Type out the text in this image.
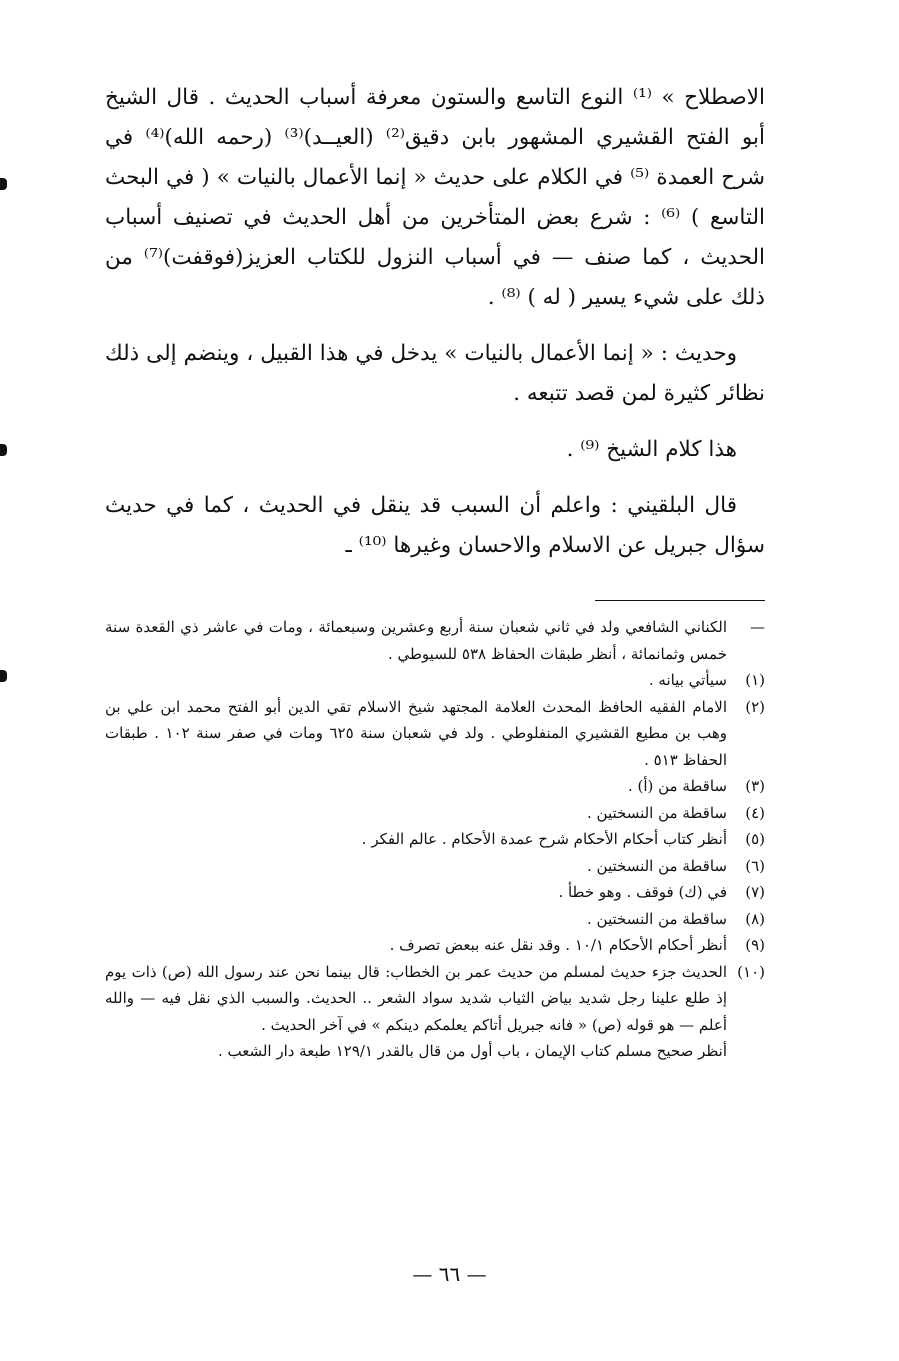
الاصطلاح » ⁽¹⁾ النوع التاسع والستون معرفة أسباب الحديث . قال الشيخ أبو الفتح القشيري المشهور بابن دقيق⁽²⁾ (العيــد)⁽³⁾ (رحمه الله)⁽⁴⁾ في شرح العمدة ⁽⁵⁾ في الكلام على حديث « إنما الأعمال بالنيات » ( في البحث التاسع ) ⁽⁶⁾ : شرع بعض المتأخرين من أهل الحديث في تصنيف أسباب الحديث ، كما صنف — في أسباب النزول للكتاب العزيز(فوقفت)⁽⁷⁾ من ذلك على شيء يسير ( له ) ⁽⁸⁾ .

وحديث : « إنما الأعمال بالنيات » يدخل في هذا القبيل ، وينضم إلى ذلك نظائر كثيرة لمن قصد تتبعه .

هذا كلام الشيخ ⁽⁹⁾ .

قال البلقيني : واعلم أن السبب قد ينقل في الحديث ، كما في حديث سؤال جبريل عن الاسلام والاحسان وغيرها ⁽¹⁰⁾ ـ

—
الكناني الشافعي ولد في ثاني شعبان سنة أربع وعشرين وسبعمائة ، ومات في عاشر ذي القعدة سنة خمس وثمانمائة ، أنظر طبقات الحفاظ ٥٣٨ للسيوطي .
(١)
سيأتي بيانه .
(٢)
الامام الفقيه الحافظ المحدث العلامة المجتهد شيخ الاسلام تقي الدين أبو الفتح محمد ابن علي بن وهب بن مطيع القشيري المنفلوطي . ولد في شعبان سنة ٦٢٥ ومات في صفر سنة ١٠٢ . طبقات الحفاظ ٥١٣ .
(٣)
ساقطة من (أ) .
(٤)
ساقطة من النسختين .
(٥)
أنظر كتاب أحكام الأحكام شرح عمدة الأحكام . عالم الفكر .
(٦)
ساقطة من النسختين .
(٧)
في (ك) فوقف . وهو خطأ .
(٨)
ساقطة من النسختين .
(٩)
أنظر أحكام الأحكام ١٠/١ . وقد نقل عنه ببعض تصرف .
(١٠)
الحديث جزء حديث لمسلم من حديث عمر بن الخطاب: قال بينما نحن عند رسول الله (ص) ذات يوم إذ طلع علينا رجل شديد بياض الثياب شديد سواد الشعر .. الحديث. والسبب الذي نقل فيه — والله أعلم — هو قوله (ص) « فانه جبريل أتاكم يعلمكم دينكم » في آخر الحديث .
أنظر صحيح مسلم كتاب الإيمان ، باب أول من قال بالقدر ١٢٩/١ طبعة دار الشعب .
— ٦٦ —
